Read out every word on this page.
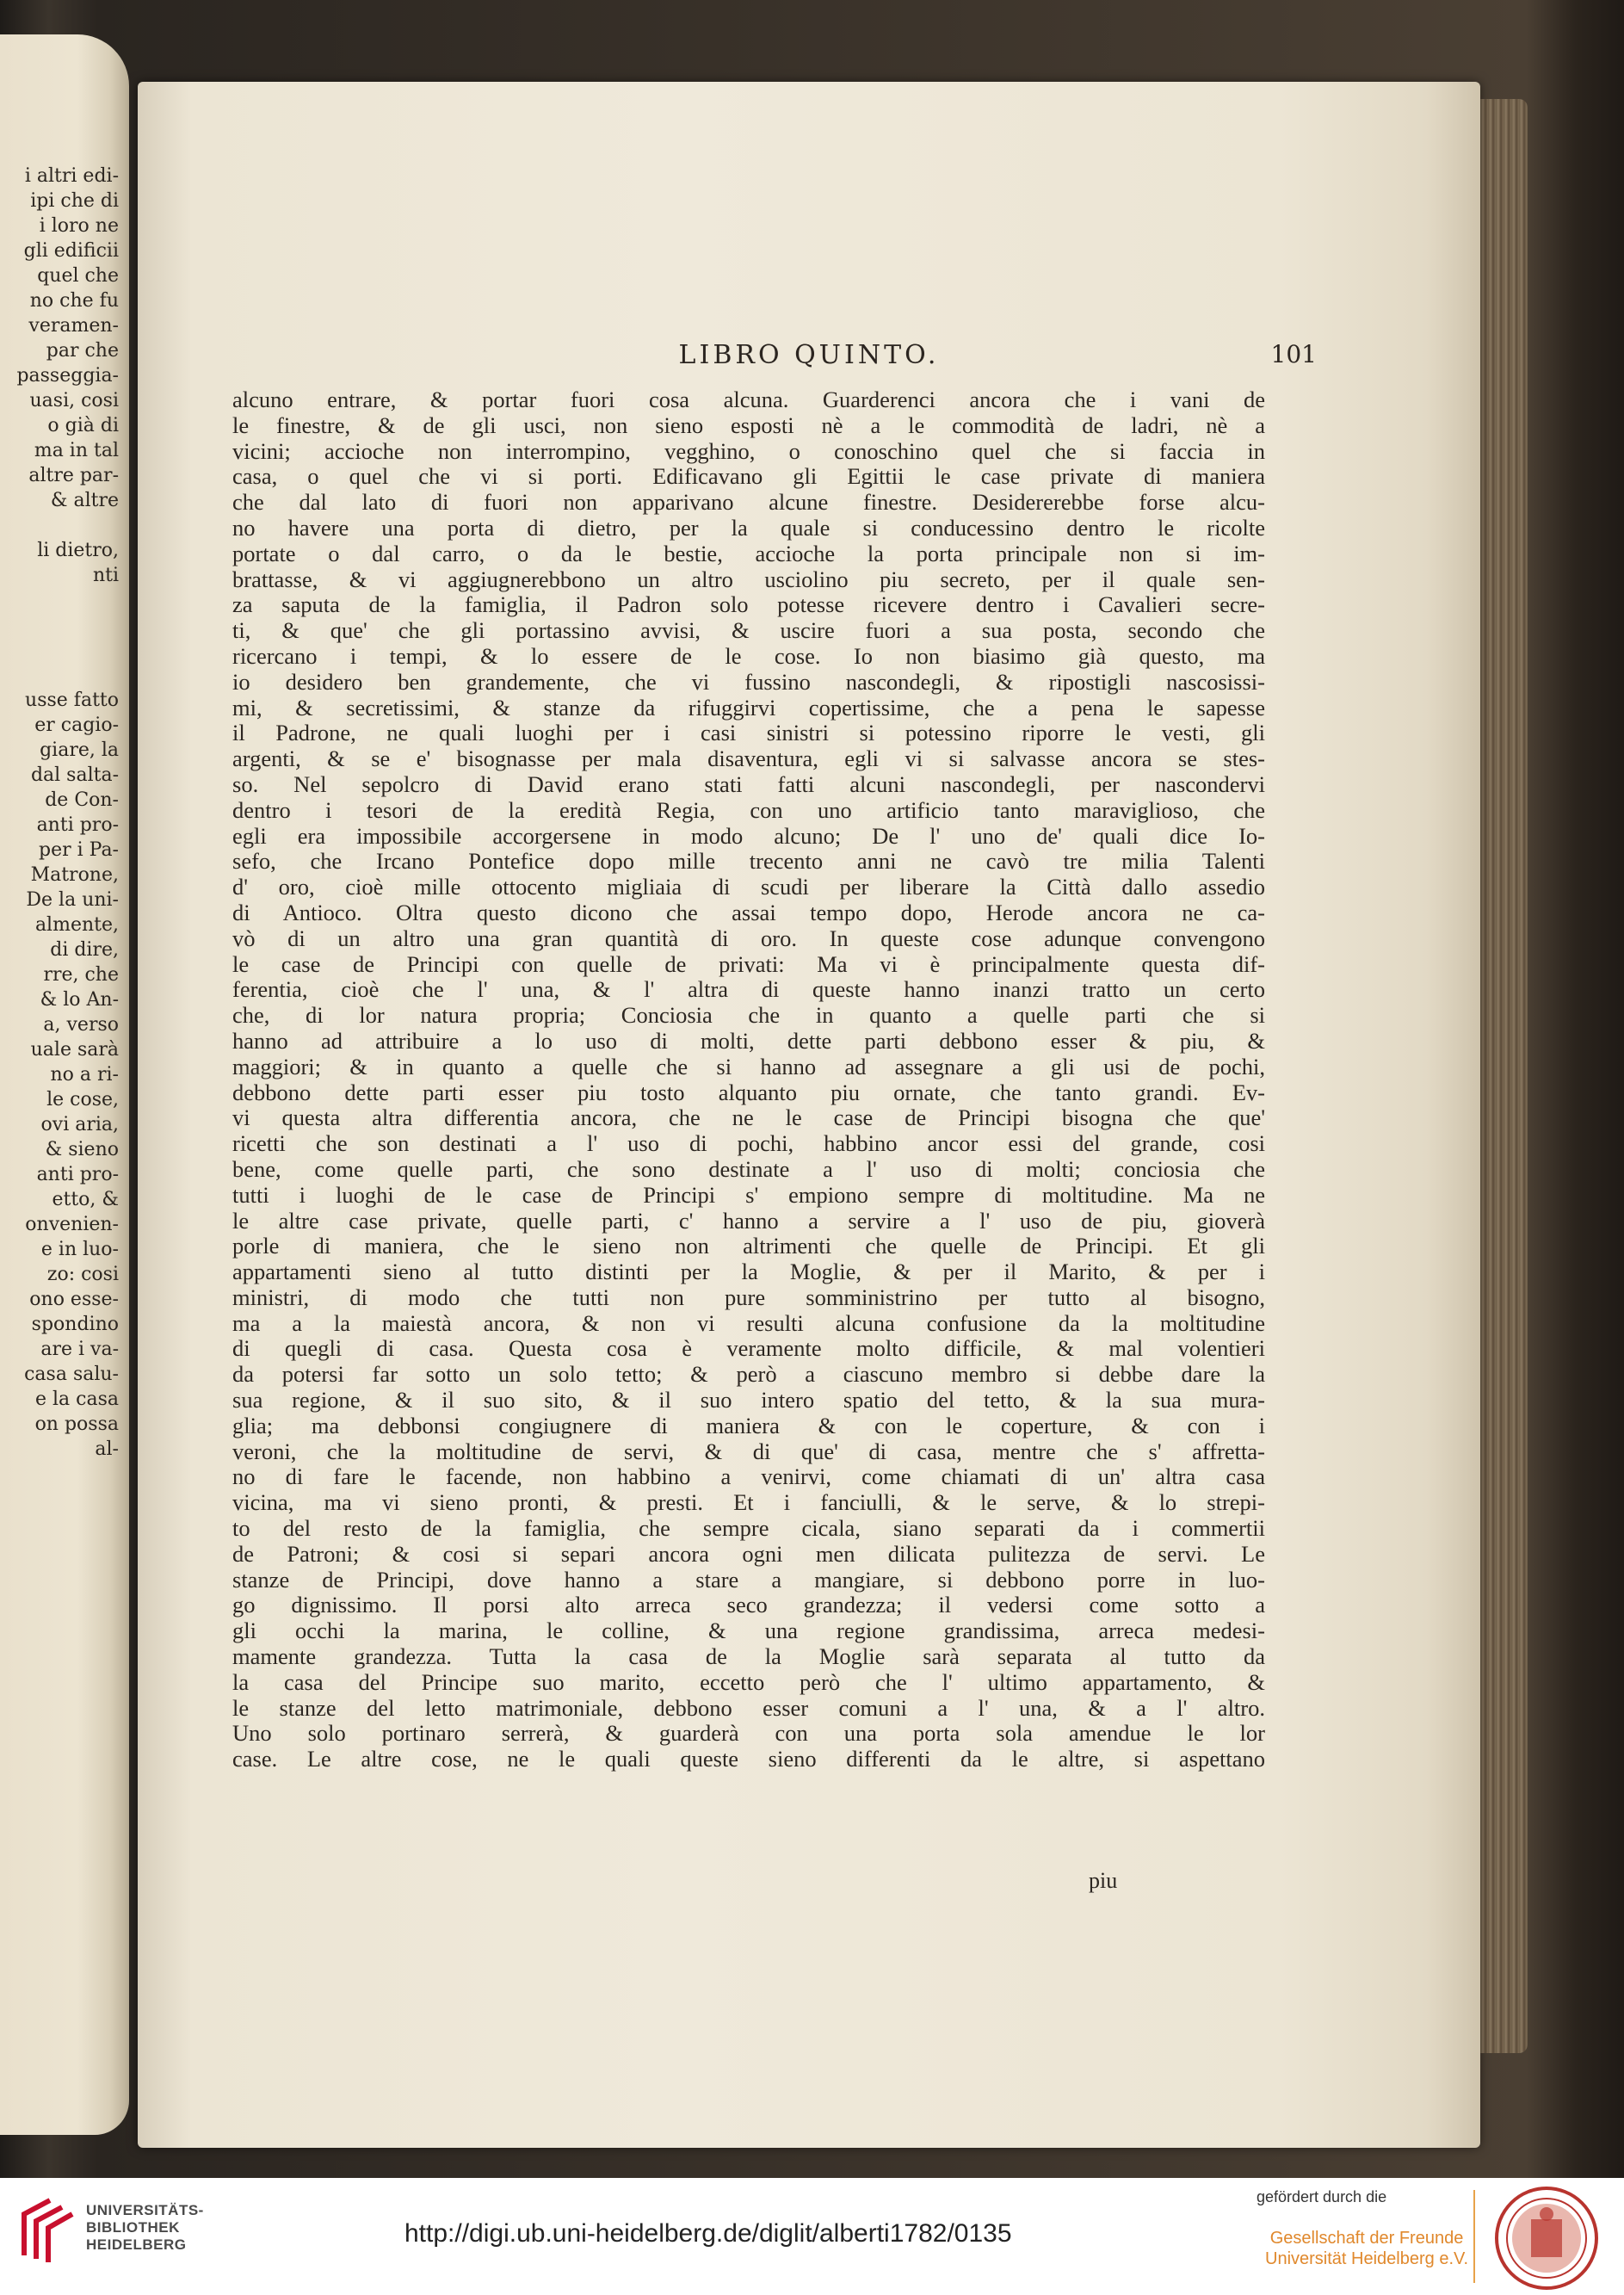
i altri edi-
ipi che di
i loro ne
gli edificii
quel che
no che fu
veramen-
par che
passeggia-
uasi, cosi
o già di
ma in tal
altre par-
& altre
li dietro,
nti
usse fatto
er cagio-
giare, la
dal salta-
de Con-
anti pro-
per i Pa-
Matrone,
De la uni-
almente,
di dire,
rre, che
& lo An-
a, verso
uale sarà
no a ri-
le cose,
ovi aria,
& sieno
anti pro-
etto, &
onvenien-
e in luo-
zo: cosi
ono esse-
spondino
are i va-
casa salu-
e la casa
on possa
al-
LIBRO QUINTO.	101
alcuno entrare, & portar fuori cosa alcuna. Guarderenci ancora che i vani de
le finestre, & de gli usci, non sieno esposti nè a le commodità de ladri, nè a
vicini; accioche non interrompino, vegghino, o conoschino quel che si faccia in
casa, o quel che vi si porti. Edificavano gli Egittii le case private di maniera
che dal lato di fuori non apparivano alcune finestre. Desidererebbe forse alcu-
no havere una porta di dietro, per la quale si conducessino dentro le ricolte
portate o dal carro, o da le bestie, accioche la porta principale non si im-
brattasse, & vi aggiugnerebbono un altro usciolino piu secreto, per il quale sen-
za saputa de la famiglia, il Padron solo potesse ricevere dentro i Cavalieri secre-
ti, & que' che gli portassino avvisi, & uscire fuori a sua posta, secondo che
ricercano i tempi, & lo essere de le cose. Io non biasimo già questo, ma
io desidero ben grandemente, che vi fussino nascondegli, & ripostigli nascosissi-
mi, & secretissimi, & stanze da rifuggirvi copertissime, che a pena le sapesse
il Padrone, ne quali luoghi per i casi sinistri si potessino riporre le vesti, gli
argenti, & se e' bisognasse per mala disaventura, egli vi si salvasse ancora se stes-
so. Nel sepolcro di David erano stati fatti alcuni nascondegli, per nascondervi
dentro i tesori de la eredità Regia, con uno artificio tanto maraviglioso, che
egli era impossibile accorgersene in modo alcuno; De l' uno de' quali dice Io-
sefo, che Ircano Pontefice dopo mille trecento anni ne cavò tre milia Talenti
d' oro, cioè mille ottocento migliaia di scudi per liberare la Città dallo assedio
di Antioco. Oltra questo dicono che assai tempo dopo, Herode ancora ne ca-
vò di un altro una gran quantità di oro. In queste cose adunque convengono
le case de Principi con quelle de privati: Ma vi è principalmente questa dif-
ferentia, cioè che l' una, & l' altra di queste hanno inanzi tratto un certo
che, di lor natura propria; Conciosia che in quanto a quelle parti che si
hanno ad attribuire a lo uso di molti, dette parti debbono esser & piu, &
maggiori; & in quanto a quelle che si hanno ad assegnare a gli usi de pochi,
debbono dette parti esser piu tosto alquanto piu ornate, che tanto grandi. Ev-
vi questa altra differentia ancora, che ne le case de Principi bisogna che que'
ricetti che son destinati a l' uso di pochi, habbino ancor essi del grande, cosi
bene, come quelle parti, che sono destinate a l' uso di molti; conciosia che
tutti i luoghi de le case de Principi s' empiono sempre di moltitudine. Ma ne
le altre case private, quelle parti, c' hanno a servire a l' uso de piu, gioverà
porle di maniera, che le sieno non altrimenti che quelle de Principi. Et gli
appartamenti sieno al tutto distinti per la Moglie, & per il Marito, & per i
ministri, di modo che tutti non pure somministrino per tutto al bisogno,
ma a la maiestà ancora, & non vi resulti alcuna confusione da la moltitudine
di quegli di casa. Questa cosa è veramente molto difficile, & mal volentieri
da potersi far sotto un solo tetto; & però a ciascuno membro si debbe dare la
sua regione, & il suo sito, & il suo intero spatio del tetto, & la sua mura-
glia; ma debbonsi congiugnere di maniera & con le coperture, & con i
veroni, che la moltitudine de servi, & di que' di casa, mentre che s' affretta-
no di fare le facende, non habbino a venirvi, come chiamati di un' altra casa
vicina, ma vi sieno pronti, & presti. Et i fanciulli, & le serve, & lo strepi-
to del resto de la famiglia, che sempre cicala, siano separati da i commertii
de Patroni; & cosi si separi ancora ogni men dilicata pulitezza de servi. Le
stanze de Principi, dove hanno a stare a mangiare, si debbono porre in luo-
go dignissimo. Il porsi alto arreca seco grandezza; il vedersi come sotto a
gli occhi la marina, le colline, & una regione grandissima, arreca medesi-
mamente grandezza. Tutta la casa de la Moglie sarà separata al tutto da
la casa del Principe suo marito, eccetto però che l' ultimo appartamento, &
le stanze del letto matrimoniale, debbono esser comuni a l' una, & a l' altro.
Uno solo portinaro serrerà, & guarderà con una porta sola amendue le lor
case. Le altre cose, ne le quali queste sieno differenti da le altre, si aspettano
piu
UNIVERSITÄTS-
BIBLIOTHEK
HEIDELBERG	http://digi.ub.uni-heidelberg.de/diglit/alberti1782/0135
gefördert durch die
Gesellschaft der Freunde
Universität Heidelberg e.V.
